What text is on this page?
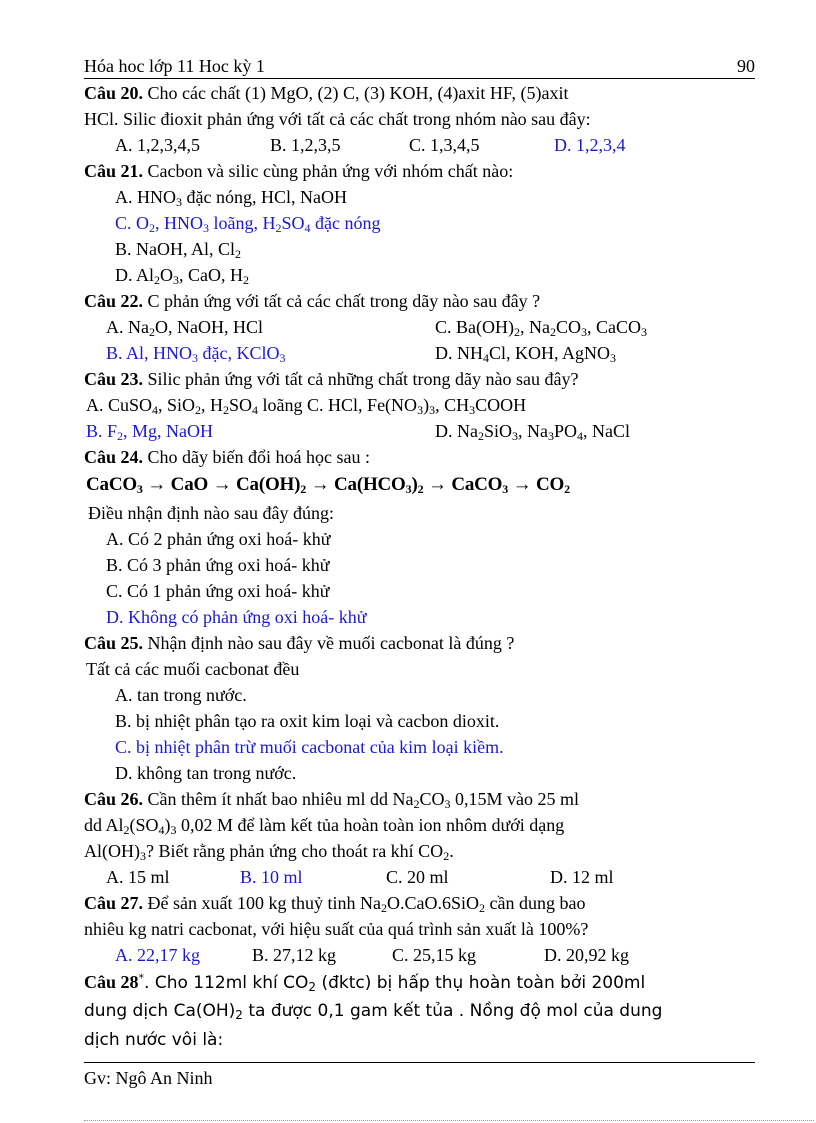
Hóa hoc lớp 11 Hoc kỳ 1	90
Câu 20. Cho các chất (1) MgO, (2) C, (3) KOH, (4)axit HF, (5)axit
HCl. Silic đioxit phản ứng với tất cả các chất trong nhóm nào sau đây:
A. 1,2,3,4,5	B. 1,2,3,5	C. 1,3,4,5	D. 1,2,3,4
Câu 21. Cacbon và silic cùng phản ứng với nhóm chất nào:
A. $HNO_3$ đặc nóng, HCl, NaOH
C. $O_2$, $HNO_3$ loãng, $H_2SO_4$ đặc nóng
B. NaOH, Al, $Cl_2$
D. $Al_2O_3$, CaO, $H_2$
Câu 22. C phản ứng với tất cả các chất trong dãy nào sau đây ?
A. $Na_2O$, NaOH, HCl	C. $Ba(OH)_2$, $Na_2CO_3$, CaCO$_3$
B. Al, $HNO_3$ đặc, KClO$_3$	D. $NH_4Cl$, KOH, AgNO$_3$
Câu 23. Silic phản ứng với tất cả những chất trong dãy nào sau đây?
A. CuSO$_4$, SiO$_2$, $H_2SO_4$ loãng C. HCl, $Fe(NO_3)_3$, $CH_3COOH$
B. $F_2$, Mg, NaOH	D. $Na_2SiO_3$, $Na_3PO_4$, NaCl
Câu 24. Cho dãy biến đổi hoá học sau :
CaCO$_3$ → CaO → $Ca(OH)_2 \to Ca(HCO_3)_2$ → CaCO$_3$ → $CO_2$
Điều nhận định nào sau đây đúng:
A. Có 2 phản ứng oxi hoá- khử
B. Có 3 phản ứng oxi hoá- khử
C. Có 1 phản ứng oxi hoá- khử
D. Không có phản ứng oxi hoá- khử
Câu 25. Nhận định nào sau đây về muối cacbonat là đúng ?
Tất cả các muối cacbonat đều
A. tan trong nước.
B. bị nhiệt phân tạo ra oxit kim loại và cacbon dioxit.
C. bị nhiệt phân trừ muối cacbonat của kim loại kiềm.
D. không tan trong nước.
Câu 26. Cần thêm ít nhất bao nhiêu ml dd $Na_2CO_3$ 0,15M vào 25 ml
dd $Al_2(SO_4)_3$ 0,02 M để làm kết tủa hoàn toàn ion nhôm dưới dạng
$Al(OH)_3$? Biết rằng phản ứng cho thoát ra khí $CO_2$.
A. 15 ml	B. 10 ml	C. 20 ml	D. 12 ml
Câu 27. Để sản xuất 100 kg thuỷ tinh $Na_2O.CaO.6SiO_2$ cần dung bao
nhiêu kg natri cacbonat, với hiệu suất của quá trình sản xuất là 100%?
A. 22,17 kg	B. 27,12 kg	C. 25,15 kg	D. 20,92 kg
Câu 28*. Cho 112ml khí $CO_2$ (đktc) bị hấp thụ hoàn toàn bởi 200ml
dung dịch $Ca(OH)_2$ ta được 0,1 gam kết tủa . Nồng độ mol của dung
dịch nước vôi là:
Gv: Ngô An Ninh
